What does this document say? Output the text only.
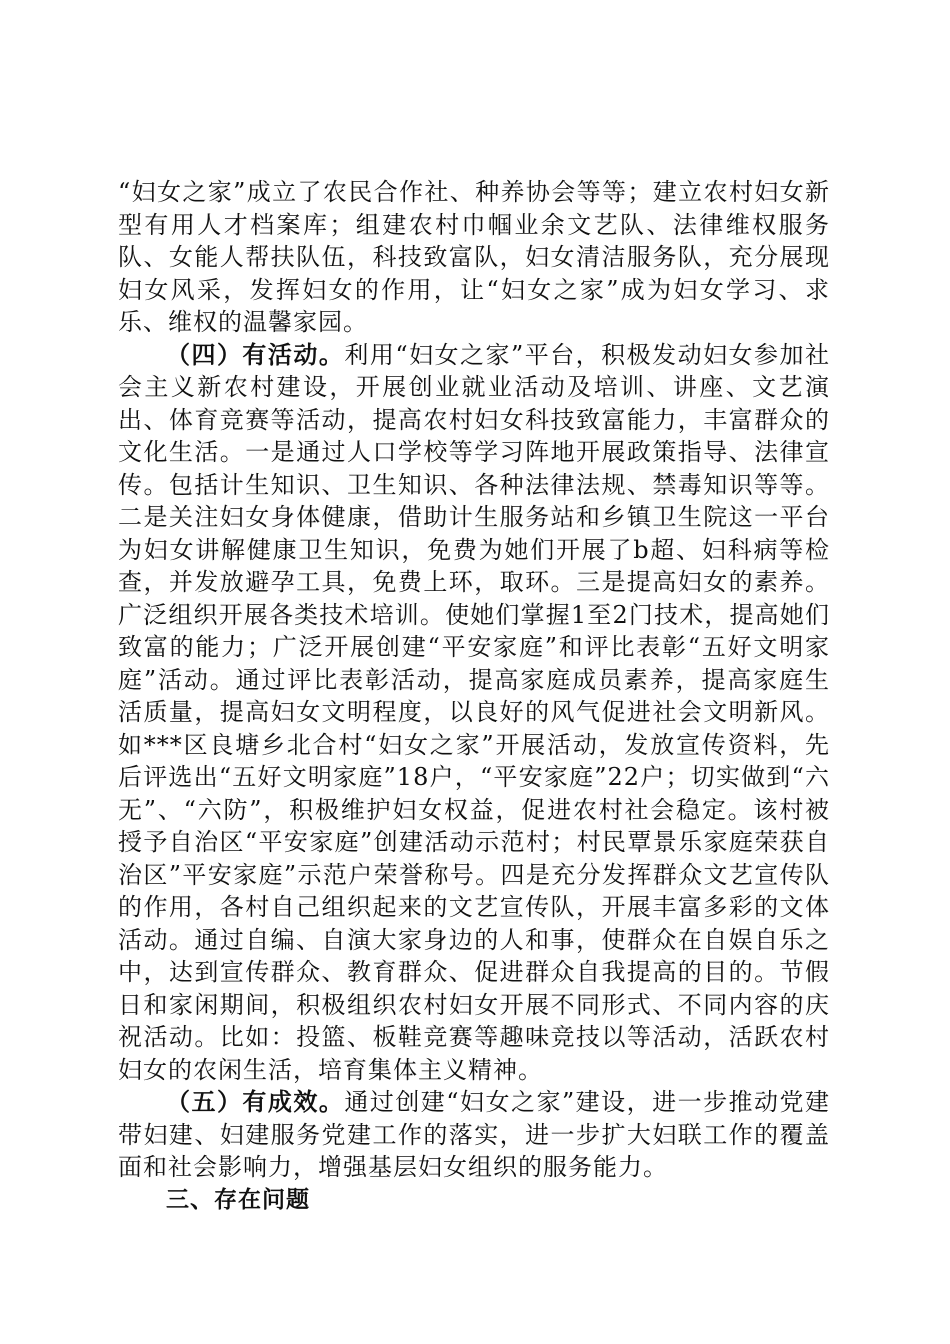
“妇女之家”成立了农民合作社、种养协会等等；建立农村妇女新型有用人才档案库；组建农村巾帼业余文艺队、法律维权服务队、女能人帮扶队伍，科技致富队，妇女清洁服务队，充分展现妇女风采，发挥妇女的作用，让“妇女之家”成为妇女学习、求乐、维权的温馨家园。

（四）有活动。利用“妇女之家”平台，积极发动妇女参加社会主义新农村建设，开展创业就业活动及培训、讲座、文艺演出、体育竞赛等活动，提高农村妇女科技致富能力，丰富群众的文化生活。一是通过人口学校等学习阵地开展政策指导、法律宣传。包括计生知识、卫生知识、各种法律法规、禁毒知识等等。二是关注妇女身体健康，借助计生服务站和乡镇卫生院这一平台为妇女讲解健康卫生知识，免费为她们开展了b超、妇科病等检查，并发放避孕工具，免费上环，取环。三是提高妇女的素养。广泛组织开展各类技术培训。使她们掌握1至2门技术，提高她们致富的能力；广泛开展创建“平安家庭”和评比表彰“五好文明家庭”活动。通过评比表彰活动，提高家庭成员素养，提高家庭生活质量，提高妇女文明程度，以良好的风气促进社会文明新风。如***区良塘乡北合村“妇女之家”开展活动，发放宣传资料，先后评选出“五好文明家庭”18户，“平安家庭”22户；切实做到“六无”、“六防”，积极维护妇女权益，促进农村社会稳定。该村被授予自治区“平安家庭”创建活动示范村；村民覃景乐家庭荣获自治区”平安家庭”示范户荣誉称号。四是充分发挥群众文艺宣传队的作用，各村自己组织起来的文艺宣传队，开展丰富多彩的文体活动。通过自编、自演大家身边的人和事，使群众在自娱自乐之中，达到宣传群众、教育群众、促进群众自我提高的目的。节假日和家闲期间，积极组织农村妇女开展不同形式、不同内容的庆祝活动。比如：投篮、板鞋竞赛等趣味竞技以等活动，活跃农村妇女的农闲生活，培育集体主义精神。

（五）有成效。通过创建“妇女之家”建设，进一步推动党建带妇建、妇建服务党建工作的落实，进一步扩大妇联工作的覆盖面和社会影响力，增强基层妇女组织的服务能力。

三、存在问题
